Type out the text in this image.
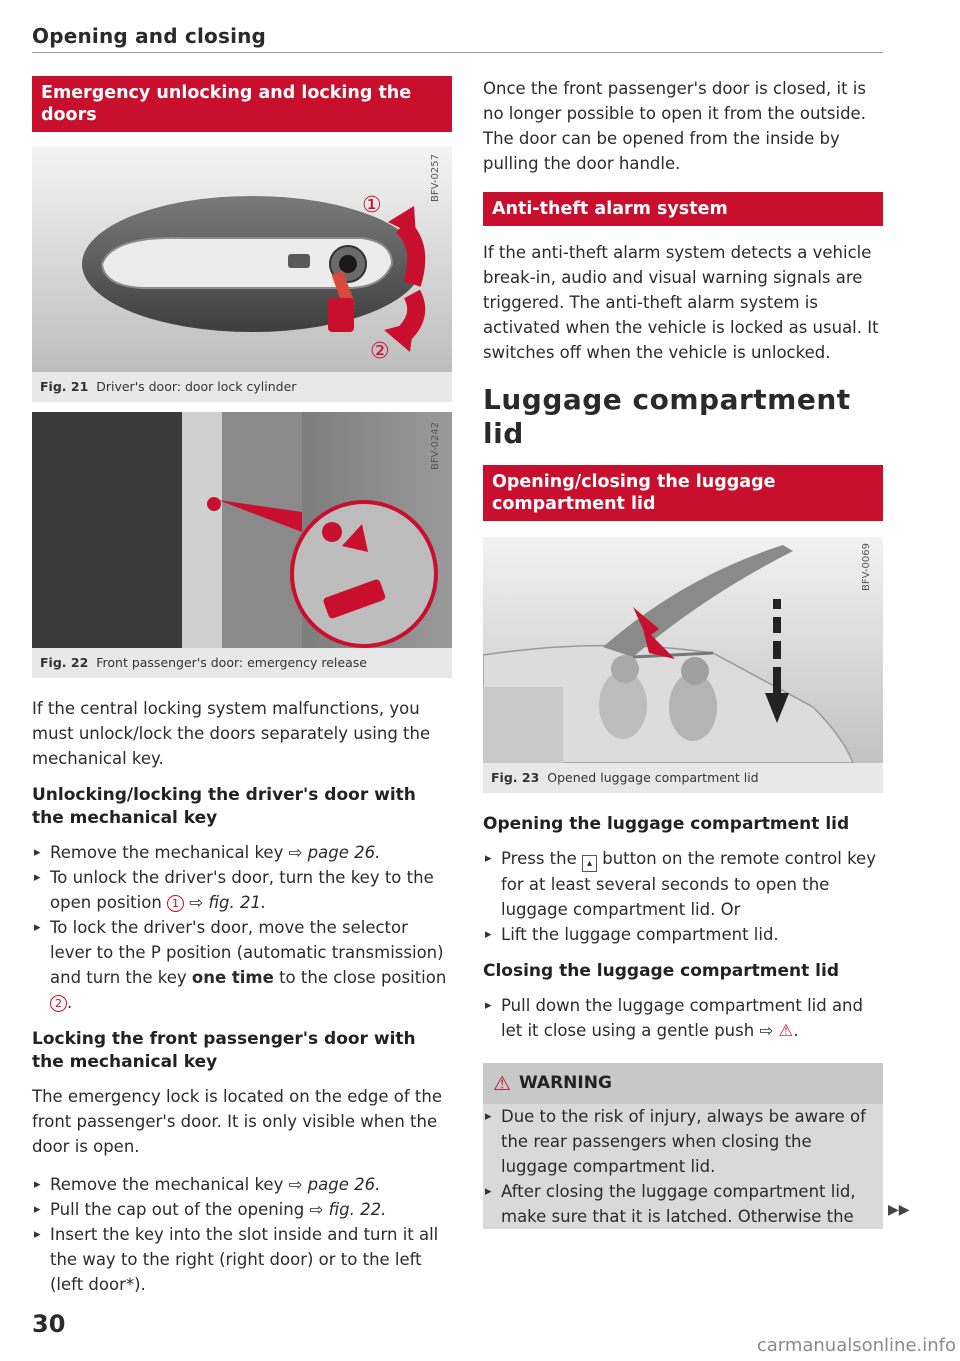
Opening and closing
Emergency unlocking and locking the doors
①
②
BFV-0257
Fig. 21 Driver's door: door lock cylinder
BFV-0242
Fig. 22 Front passenger's door: emergency release

If the central locking system malfunctions, you must unlock/lock the doors separately using the mechanical key.

Unlocking/locking the driver's door with the mechanical key
▸ Remove the mechanical key ⇨ page 26.
▸ To unlock the driver's door, turn the key to the open position 1 ⇨ fig. 21.
▸ To lock the driver's door, move the selector lever to the P position (automatic transmission) and turn the key one time to the close position
2 .
Locking the front passenger's door with the mechanical key

The emergency lock is located on the edge of the front passenger's door. It is only visible when the door is open.

▸ Remove the mechanical key ⇨ page 26.
▸ Pull the cap out of the opening ⇨ fig. 22.
▸ Insert the key into the slot inside and turn it all the way to the right (right door) or to the left (left door*).

Once the front passenger's door is closed, it is no longer possible to open it from the outside. The door can be opened from the inside by pulling the door handle.

Anti-theft alarm system

If the anti-theft alarm system detects a vehicle break-in, audio and visual warning signals are triggered. The anti-theft alarm system is activated when the vehicle is locked as usual. It switches off when the vehicle is unlocked.

Luggage compartment lid
Opening/closing the luggage compartment lid
BFV-0069
Fig. 23 Opened luggage compartment lid
Opening the luggage compartment lid
▸ Press the ▴ button on the remote control key for at least several seconds to open the luggage compartment lid. Or
▸ Lift the luggage compartment lid.
Closing the luggage compartment lid
▸ Pull down the luggage compartment lid and let it close using a gentle push ⇨ ⚠.
⚠ WARNING
▸ Due to the risk of injury, always be aware of the rear passengers when closing the luggage compartment lid.
▸ After closing the luggage compartment lid, make sure that it is latched. Otherwise the	▶▶
30
carmanualsonline.info
